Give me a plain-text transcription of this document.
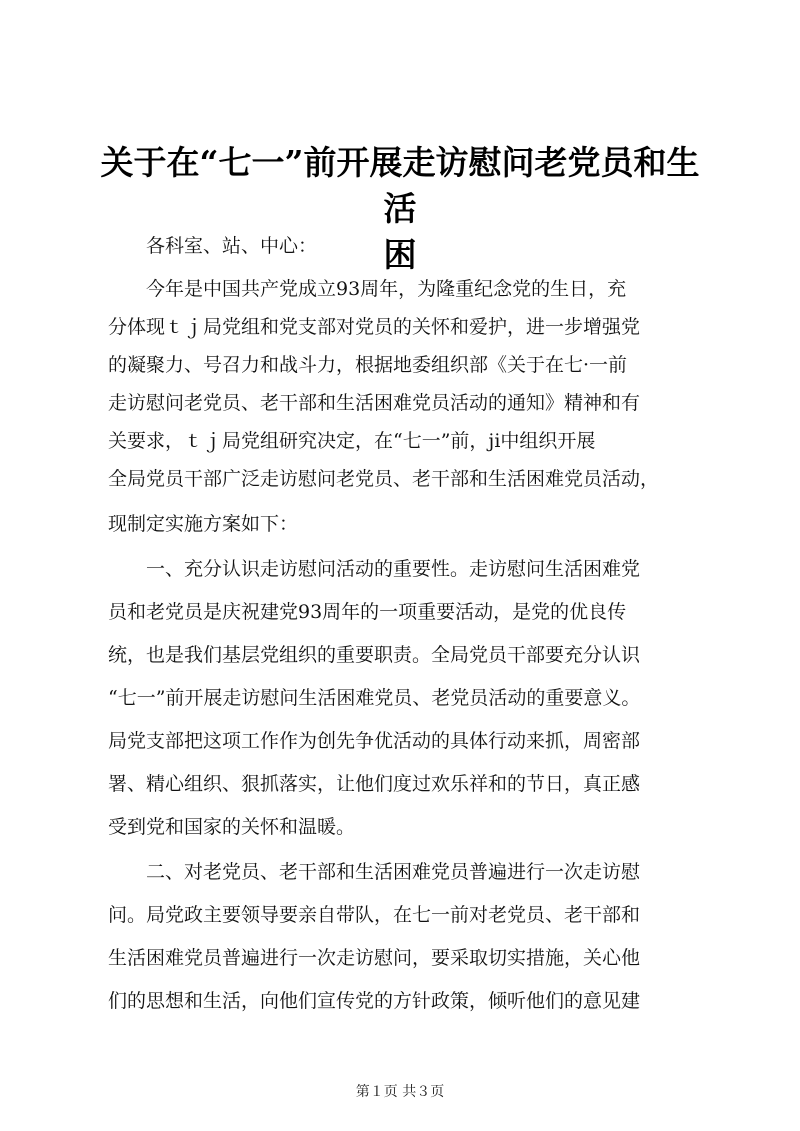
关于在“七一”前开展走访慰问老党员和生活
困
各科室、站、中心：
今年是中国共产党成立93周年，为隆重纪念党的生日，充
分体现ｔｊ局党组和党支部对党员的关怀和爱护，进一步增强党
的凝聚力、号召力和战斗力，根据地委组织部《关于在七·一前
走访慰问老党员、老干部和生活困难党员活动的通知》精神和有
关要求，ｔｊ局党组研究决定，在“七一”前，ji中组织开展
全局党员干部广泛走访慰问老党员、老干部和生活困难党员活动，
现制定实施方案如下：
一、充分认识走访慰问活动的重要性。走访慰问生活困难党
员和老党员是庆祝建党93周年的一项重要活动，是党的优良传
统，也是我们基层党组织的重要职责。全局党员干部要充分认识
“七一”前开展走访慰问生活困难党员、老党员活动的重要意义。
局党支部把这项工作作为创先争优活动的具体行动来抓，周密部
署、精心组织、狠抓落实，让他们度过欢乐祥和的节日，真正感
受到党和国家的关怀和温暖。
二、对老党员、老干部和生活困难党员普遍进行一次走访慰
问。局党政主要领导要亲自带队，在七一前对老党员、老干部和
生活困难党员普遍进行一次走访慰问，要采取切实措施，关心他
们的思想和生活，向他们宣传党的方针政策，倾听他们的意见建
第１页 共３页
